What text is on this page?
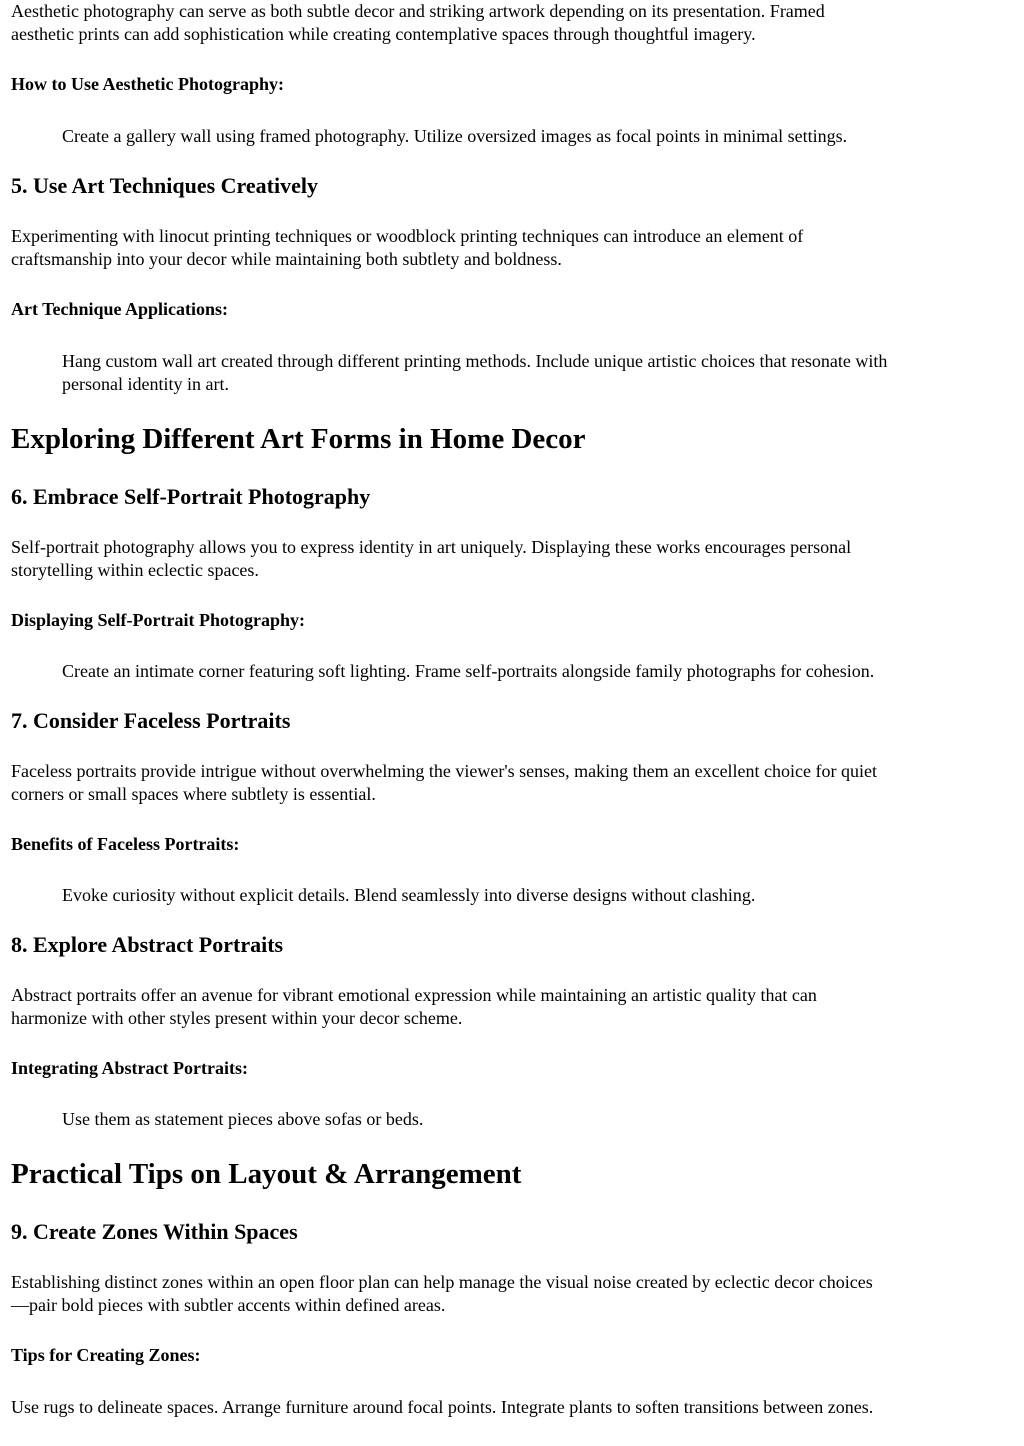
Aesthetic photography can serve as both subtle decor and striking artwork depending on its presentation. Framed
aesthetic prints can add sophistication while creating contemplative spaces through thoughtful imagery.

How to Use Aesthetic Photography:
Create a gallery wall using framed photography. Utilize oversized images as focal points in minimal settings.
5. Use Art Techniques Creatively

Experimenting with linocut printing techniques or woodblock printing techniques can introduce an element of
craftsmanship into your decor while maintaining both subtlety and boldness.

Art Technique Applications:
Hang custom wall art created through different printing methods. Include unique artistic choices that resonate with
personal identity in art.
Exploring Different Art Forms in Home Decor
6. Embrace Self-Portrait Photography

Self-portrait photography allows you to express identity in art uniquely. Displaying these works encourages personal
storytelling within eclectic spaces.

Displaying Self-Portrait Photography:
Create an intimate corner featuring soft lighting. Frame self-portraits alongside family photographs for cohesion.
7. Consider Faceless Portraits

Faceless portraits provide intrigue without overwhelming the viewer's senses, making them an excellent choice for quiet
corners or small spaces where subtlety is essential.

Benefits of Faceless Portraits:
Evoke curiosity without explicit details. Blend seamlessly into diverse designs without clashing.
8. Explore Abstract Portraits

Abstract portraits offer an avenue for vibrant emotional expression while maintaining an artistic quality that can
harmonize with other styles present within your decor scheme.

Integrating Abstract Portraits:
Use them as statement pieces above sofas or beds.
Practical Tips on Layout & Arrangement
9. Create Zones Within Spaces

Establishing distinct zones within an open floor plan can help manage the visual noise created by eclectic decor choices
—pair bold pieces with subtler accents within defined areas.

Tips for Creating Zones:

Use rugs to delineate spaces. Arrange furniture around focal points. Integrate plants to soften transitions between zones.
